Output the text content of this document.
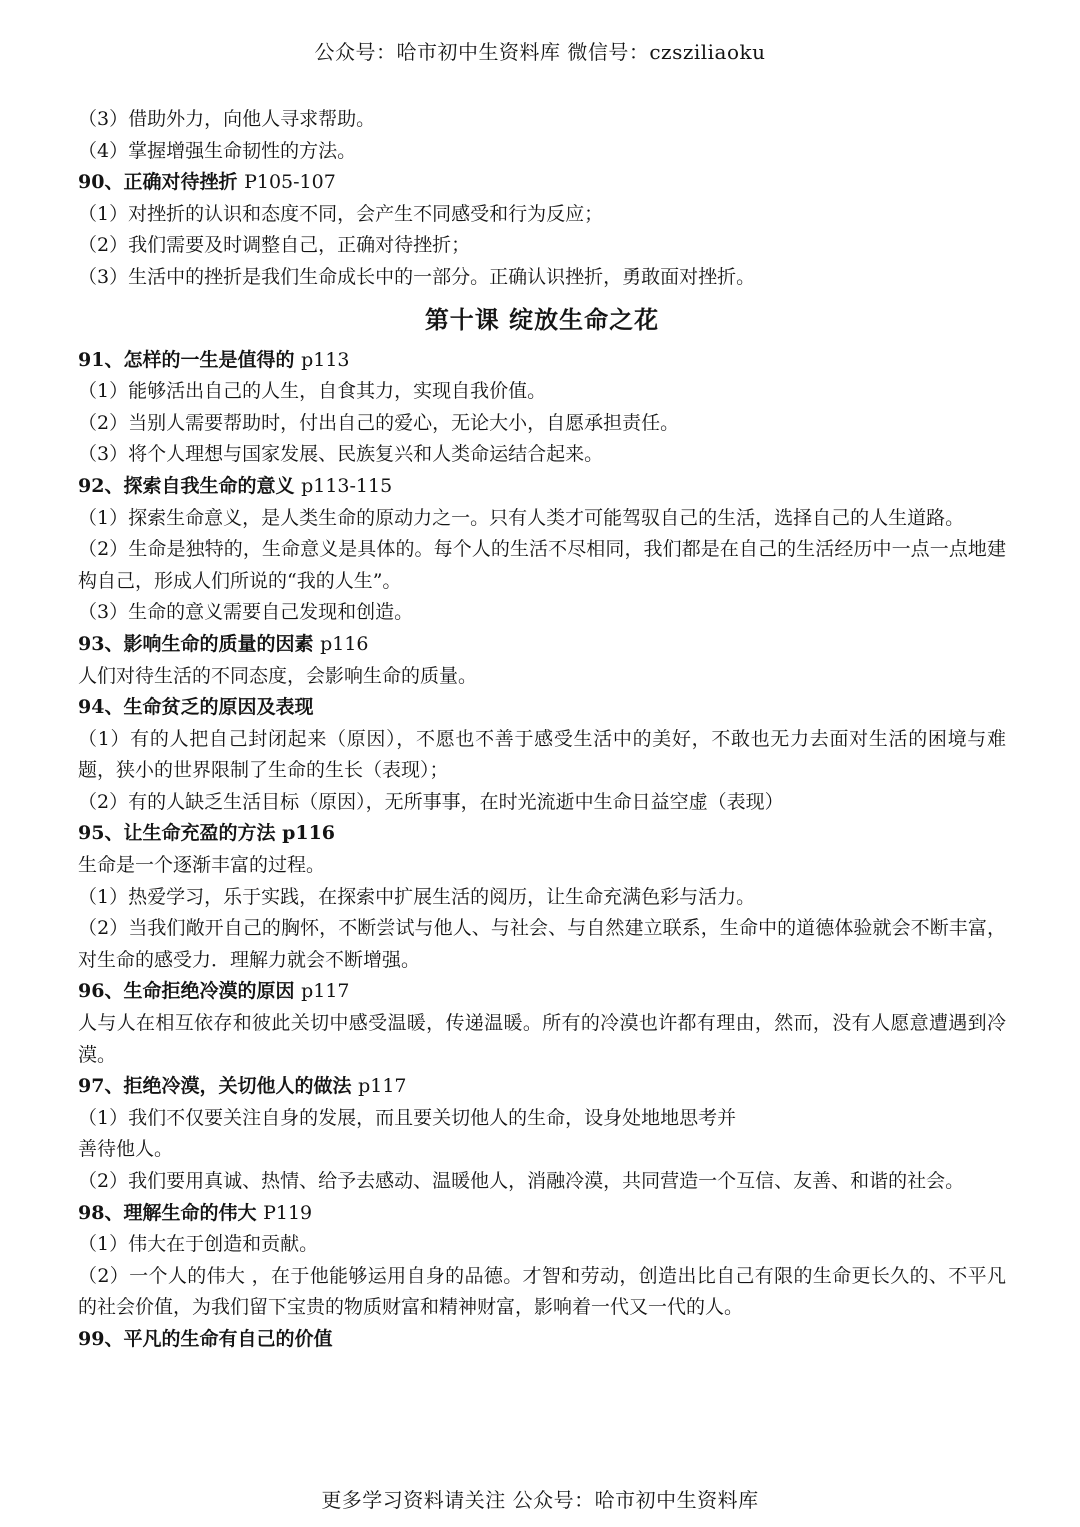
公众号：哈市初中生资料库 微信号：czsziliaoku
（3）借助外力，向他人寻求帮助。
（4）掌握增强生命韧性的方法。
90、正确对待挫折 P105-107
（1）对挫折的认识和态度不同，会产生不同感受和行为反应；
（2）我们需要及时调整自己，正确对待挫折；
（3）生活中的挫折是我们生命成长中的一部分。正确认识挫折，勇敢面对挫折。
第十课 绽放生命之花
91、怎样的一生是值得的 p113
（1）能够活出自己的人生，自食其力，实现自我价值。
（2）当别人需要帮助时，付出自己的爱心，无论大小，自愿承担责任。
（3）将个人理想与国家发展、民族复兴和人类命运结合起来。
92、探索自我生命的意义 p113-115
（1）探索生命意义，是人类生命的原动力之一。只有人类才可能驾驭自己的生活，选择自己的人生道路。
（2）生命是独特的，生命意义是具体的。每个人的生活不尽相同，我们都是在自己的生活经历中一点一点地建构自己，形成人们所说的“我的人生”。
（3）生命的意义需要自己发现和创造。
93、影响生命的质量的因素 p116
人们对待生活的不同态度，会影响生命的质量。
94、生命贫乏的原因及表现
（1）有的人把自己封闭起来（原因），不愿也不善于感受生活中的美好，不敢也无力去面对生活的困境与难题，狭小的世界限制了生命的生长（表现）；
（2）有的人缺乏生活目标（原因），无所事事，在时光流逝中生命日益空虚（表现）
95、让生命充盈的方法 p116
生命是一个逐渐丰富的过程。
（1）热爱学习，乐于实践，在探索中扩展生活的阅历，让生命充满色彩与活力。
（2）当我们敞开自己的胸怀，不断尝试与他人、与社会、与自然建立联系，生命中的道德体验就会不断丰富，对生命的感受力．理解力就会不断增强。
96、生命拒绝冷漠的原因 p117
人与人在相互依存和彼此关切中感受温暖，传递温暖。所有的冷漠也许都有理由，然而，没有人愿意遭遇到冷漠。
97、拒绝冷漠，关切他人的做法 p117
（1）我们不仅要关注自身的发展，而且要关切他人的生命，设身处地地思考并
善待他人。
（2）我们要用真诚、热情、给予去感动、温暖他人，消融冷漠，共同营造一个互信、友善、和谐的社会。
98、理解生命的伟大 P119
（1）伟大在于创造和贡献。
（2）一个人的伟大 ，在于他能够运用自身的品德。才智和劳动，创造出比自己有限的生命更长久的、不平凡的社会价值，为我们留下宝贵的物质财富和精神财富，影响着一代又一代的人。
99、平凡的生命有自己的价值
更多学习资料请关注 公众号：哈市初中生资料库
